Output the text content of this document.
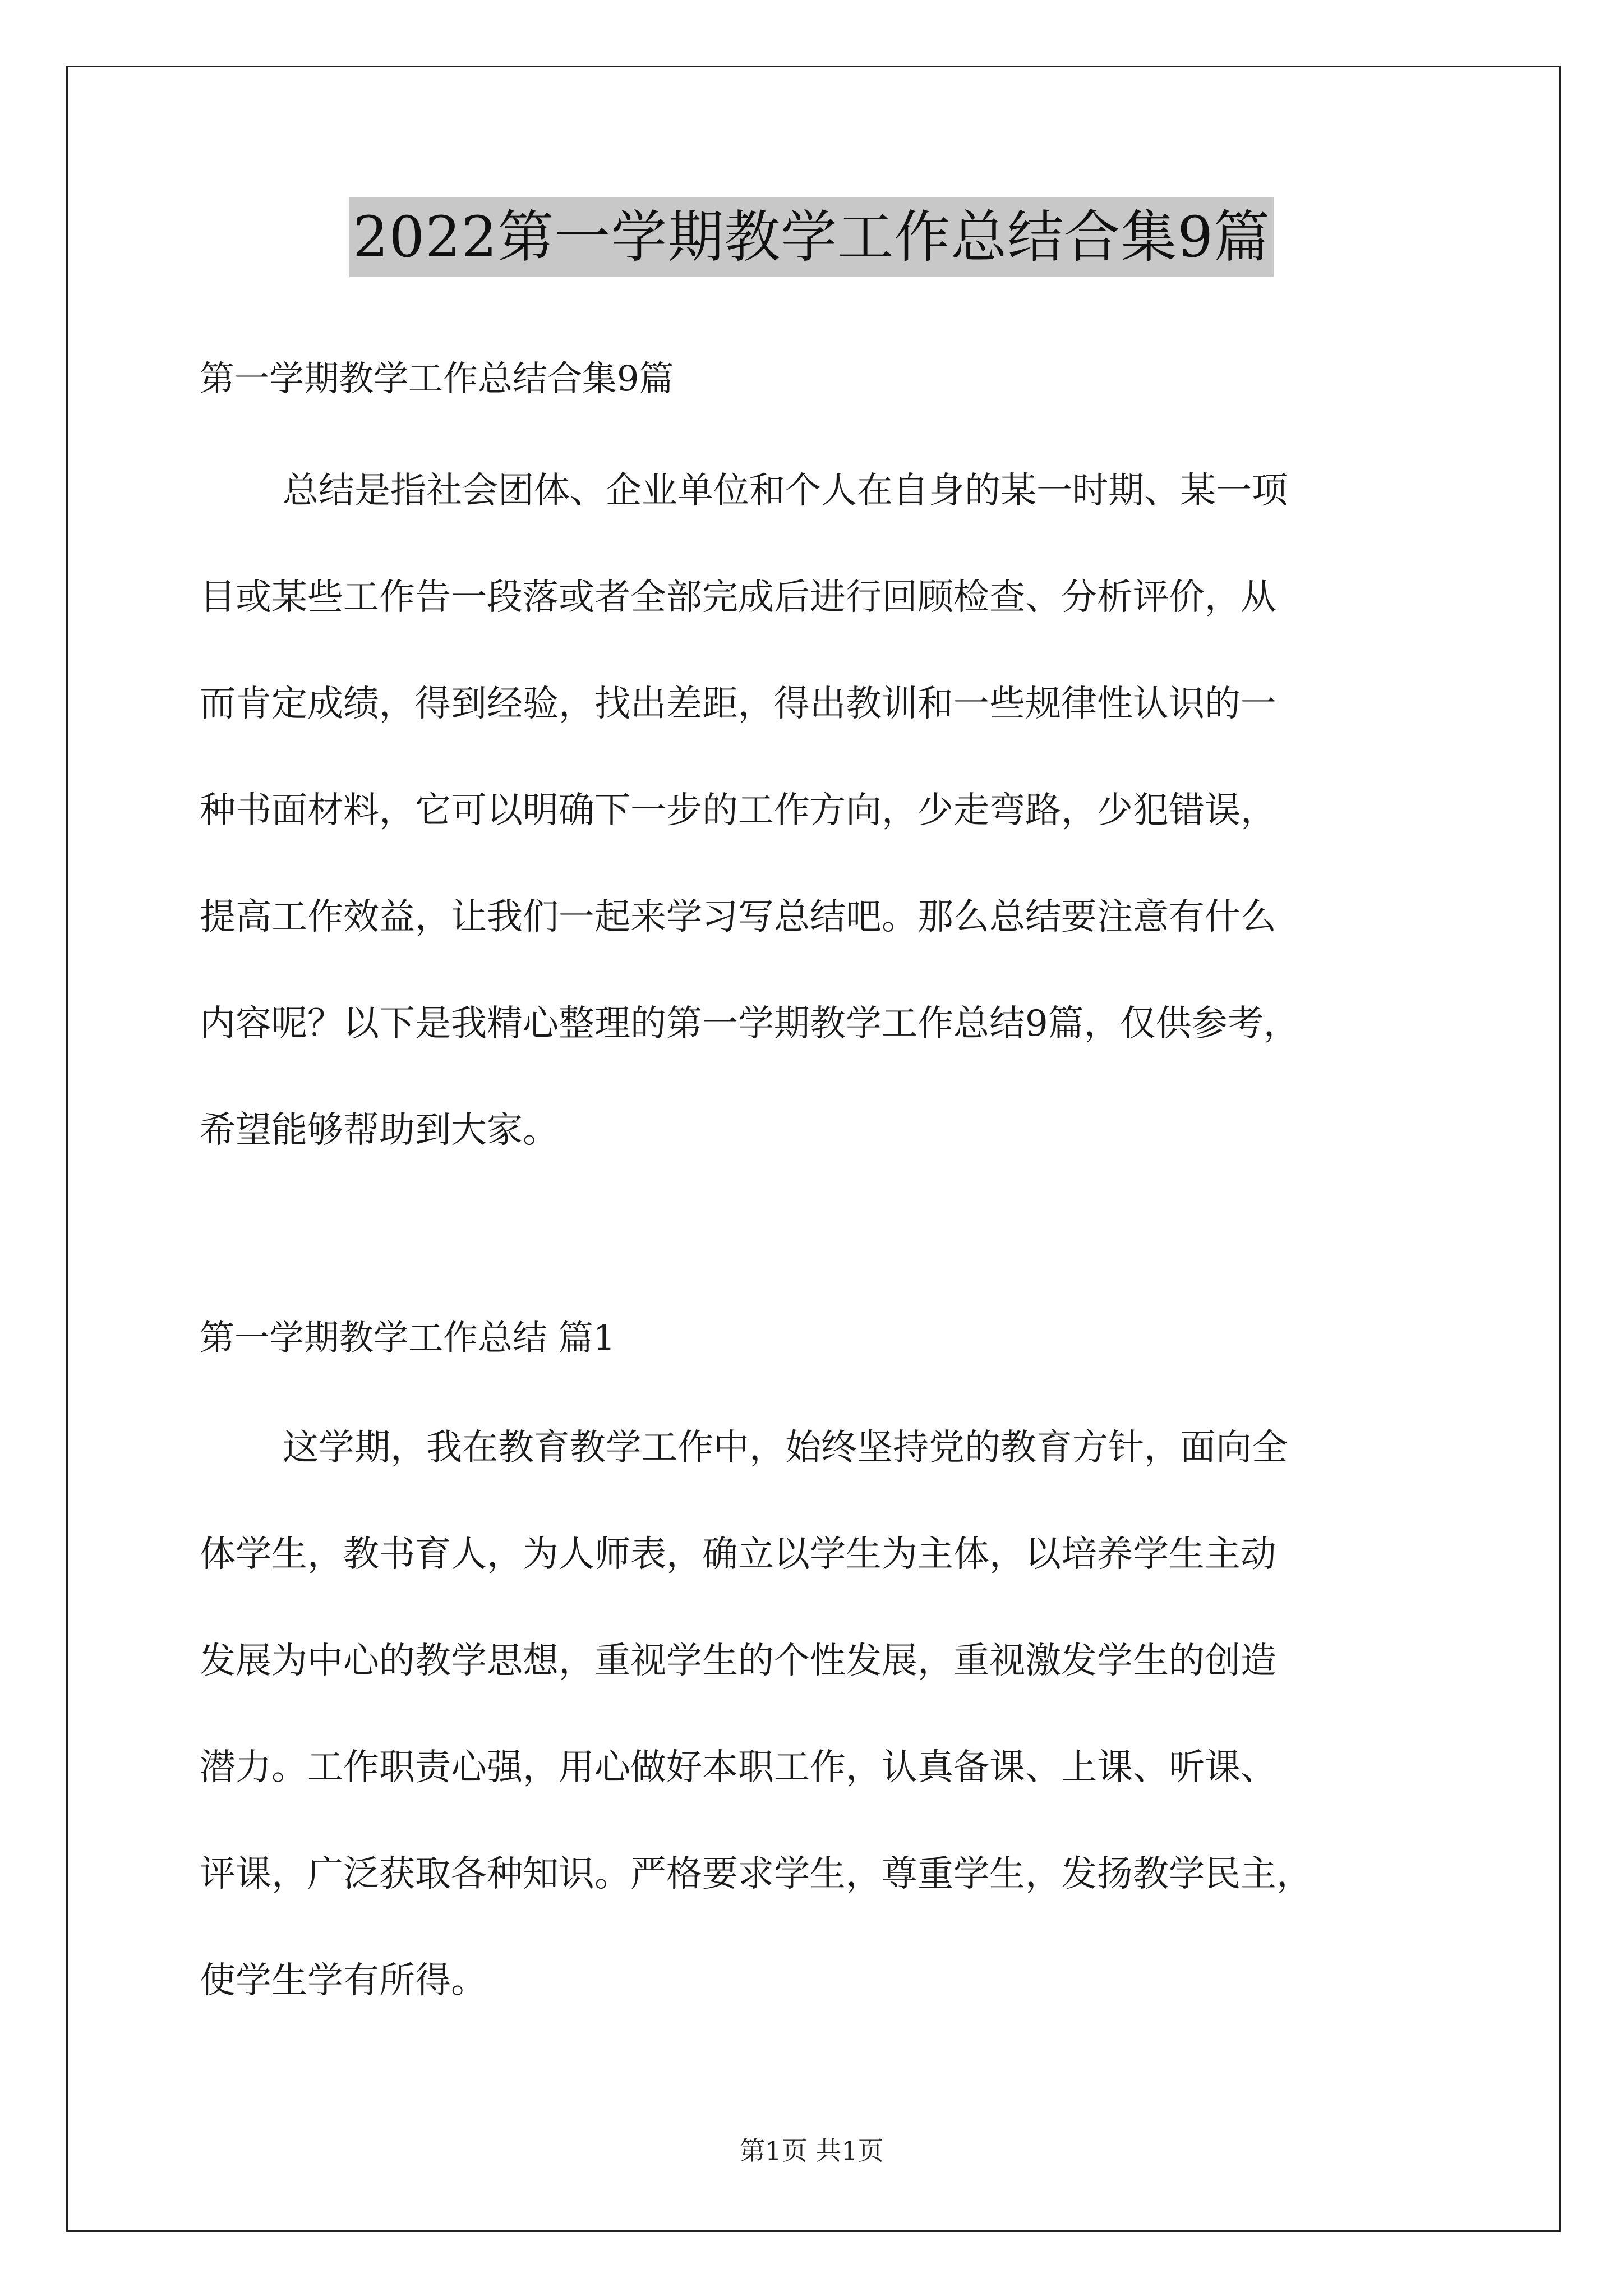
2022第一学期教学工作总结合集9篇
第一学期教学工作总结合集9篇
总结是指社会团体、企业单位和个人在自身的某一时期、某一项
目或某些工作告一段落或者全部完成后进行回顾检查、分析评价，从
而肯定成绩，得到经验，找出差距，得出教训和一些规律性认识的一
种书面材料，它可以明确下一步的工作方向，少走弯路，少犯错误，
提高工作效益，让我们一起来学习写总结吧。那么总结要注意有什么
内容呢？以下是我精心整理的第一学期教学工作总结9篇，仅供参考，
希望能够帮助到大家。
第一学期教学工作总结 篇1
这学期，我在教育教学工作中，始终坚持党的教育方针，面向全
体学生，教书育人，为人师表，确立以学生为主体，以培养学生主动
发展为中心的教学思想，重视学生的个性发展，重视激发学生的创造
潜力。工作职责心强，用心做好本职工作，认真备课、上课、听课、
评课，广泛获取各种知识。严格要求学生，尊重学生，发扬教学民主，
使学生学有所得。
第1页 共1页
